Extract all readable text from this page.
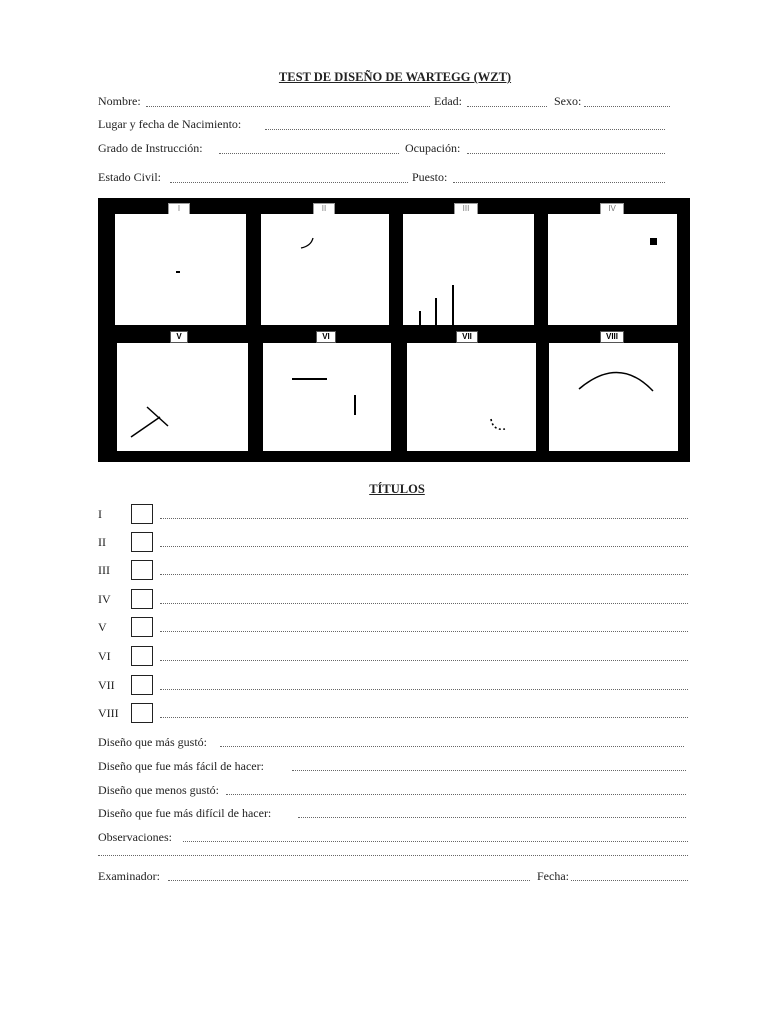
TEST DE DISEÑO DE WARTEGG (WZT)
Nombre:	Edad:	Sexo:
Lugar y fecha de Nacimiento:
Grado de Instrucción:	Ocupación:
Estado Civil:	Puesto:
I	II	III	IV
V	VI	VII	VIII
TÍTULOS
I
II
III
IV
V
VI
VII
VIII
Diseño que más gustó:
Diseño que fue más fácil de hacer:
Diseño que menos gustó:
Diseño que fue más difícil de hacer:
Observaciones:
Examinador:	Fecha:
